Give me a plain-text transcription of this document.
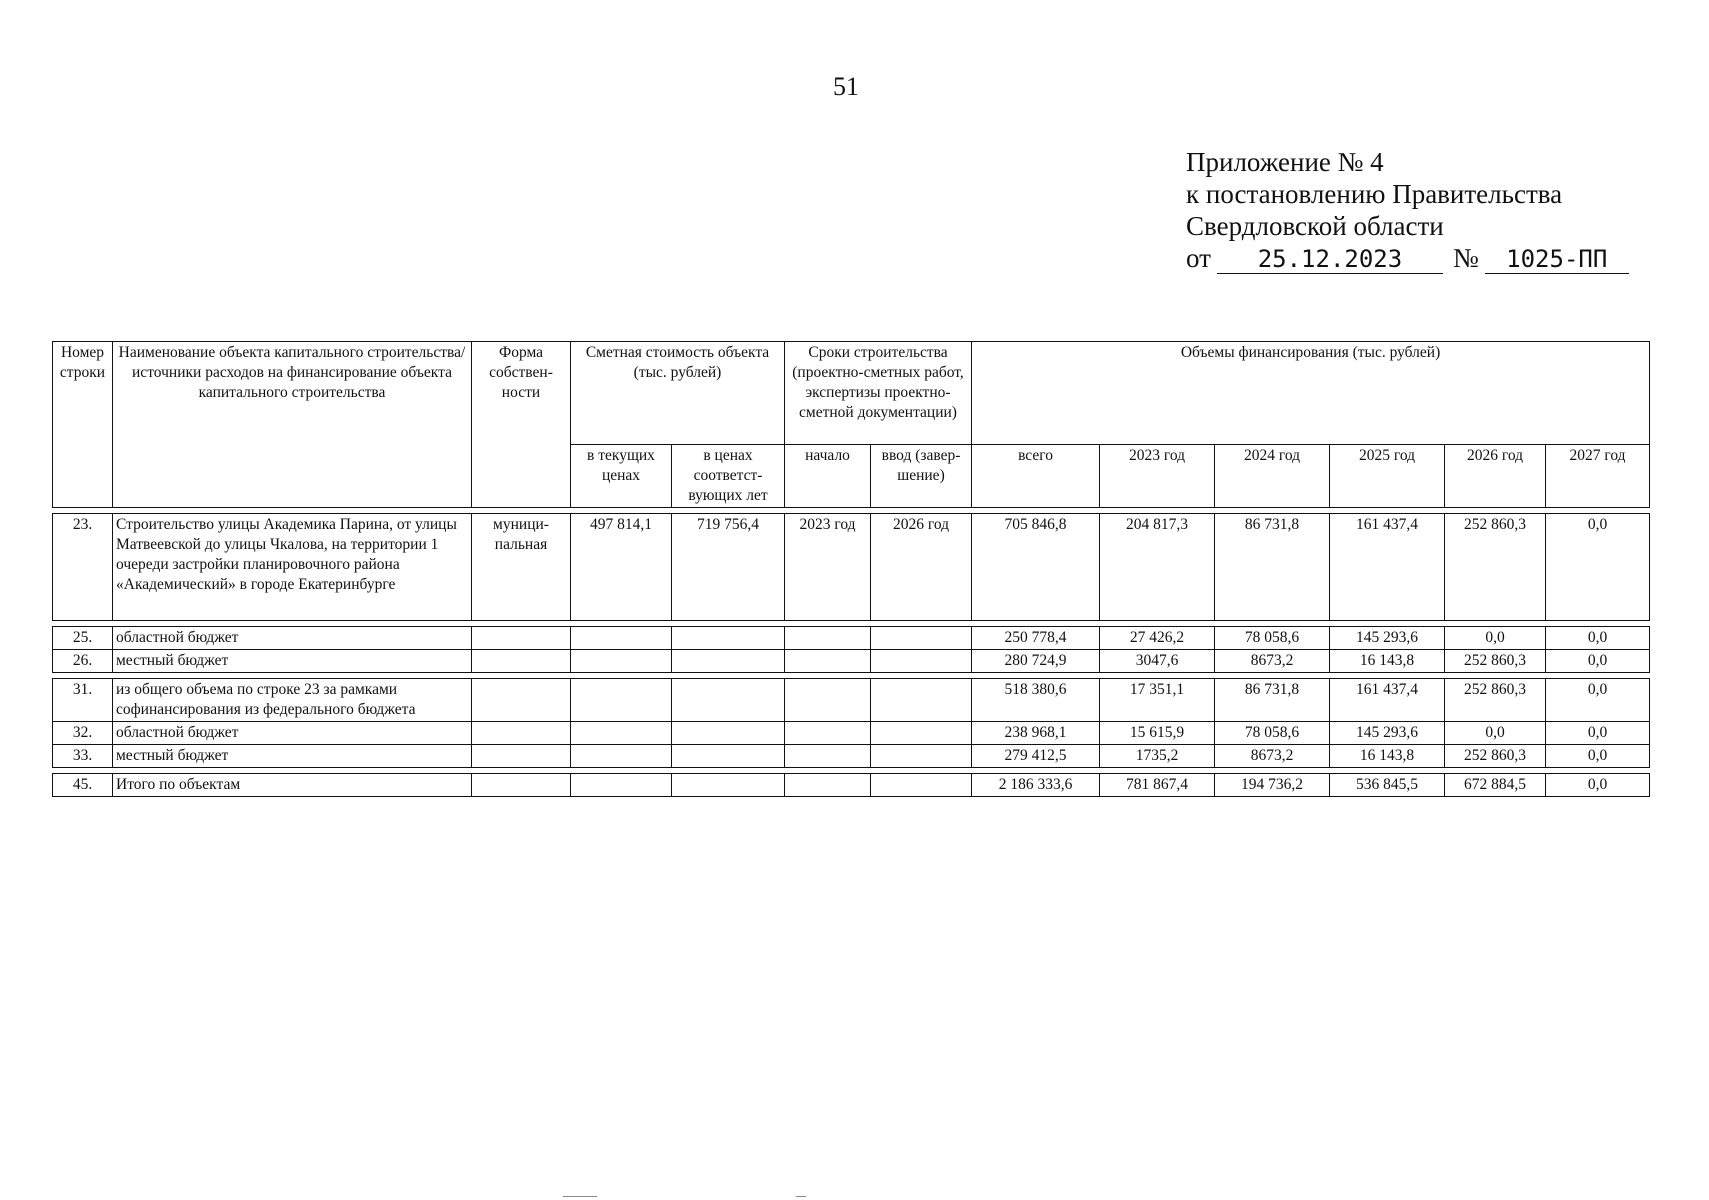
51
Приложение № 4
к постановлению Правительства
Свердловской области
от 25.12.2023 № 1025-ПП
Номер строки	Наименование объекта капитального строительства/источники расходов на финансирование объекта капитального строительства	Форма собствен-ности	Сметная стоимость объекта (тыс. рублей)		Сроки строительства (проектно-сметных работ, экспертизы проектно-сметной документации)		Объемы финансирования (тыс. рублей)					
			в текущих ценах	в ценах соответст-вующих лет	начало	ввод (завер-шение)	всего	2023 год	2024 год	2025 год	2026 год	2027 год

23.	Строительство улицы Академика Парина, от улицы Матвеевской до улицы Чкалова, на территории 1 очереди застройки планировочного района «Академический» в городе Екатеринбурге	муници-пальная	497 814,1	719 756,4	2023 год	2026 год	705 846,8	204 817,3	86 731,8	161 437,4	252 860,3	0,0

25.	областной бюджет						250 778,4	27 426,2	78 058,6	145 293,6	0,0	0,0
26.	местный бюджет						280 724,9	3047,6	8673,2	16 143,8	252 860,3	0,0

31.	из общего объема по строке 23 за рамками софинансирования из федерального бюджета						518 380,6	17 351,1	86 731,8	161 437,4	252 860,3	0,0
32.	областной бюджет						238 968,1	15 615,9	78 058,6	145 293,6	0,0	0,0
33.	местный бюджет						279 412,5	1735,2	8673,2	16 143,8	252 860,3	0,0

45.	Итого по объектам						2 186 333,6	781 867,4	194 736,2	536 845,5	672 884,5	0,0
